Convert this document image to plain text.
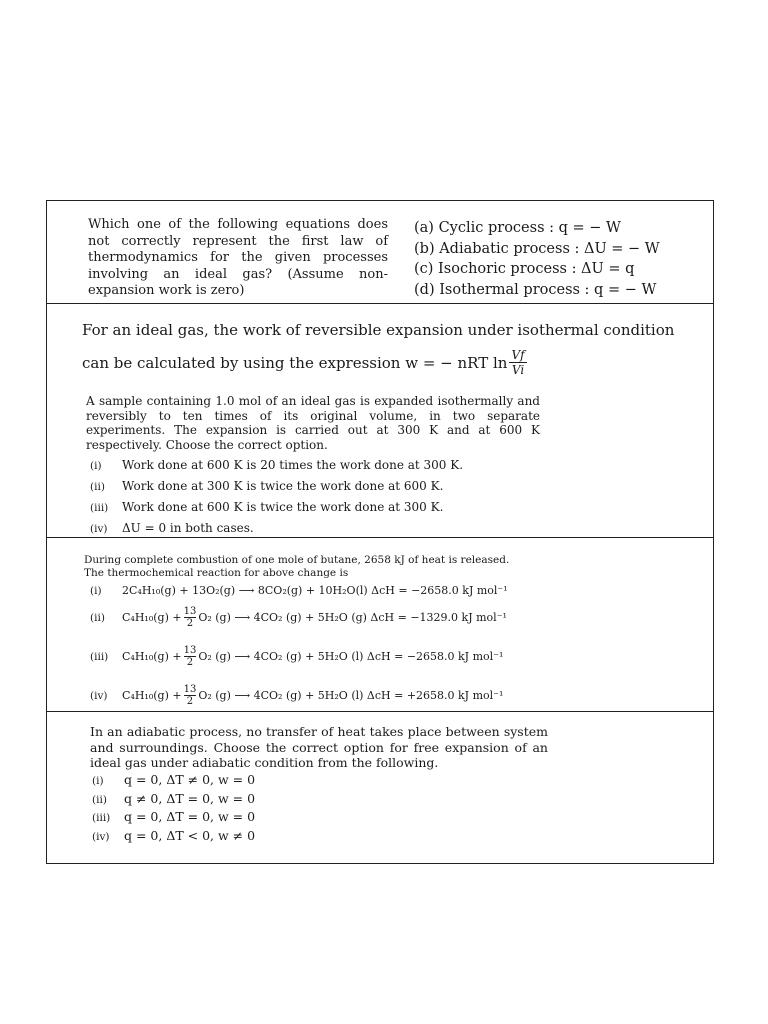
Which one of the following equations does not correctly represent the first law of thermodynamics for the given processes involving an ideal gas? (Assume non- expansion work is zero)
(a) Cyclic process : q = − W
(b) Adiabatic process : ΔU = − W
(c) Isochoric process : ΔU = q
(d) Isothermal process : q = − W
For an ideal gas, the work of reversible expansion under isothermal condition
can be calculated by using the expression w = − nRT $\ln \frac{Vf}{Vi}$
A sample containing 1.0 mol of an ideal gas is expanded isothermally and reversibly to ten times of its original volume, in two separate experiments. The expansion is carried out at 300 K and at 600 K respectively. Choose the correct option.
(i) Work done at 600 K is 20 times the work done at 300 K.
(ii) Work done at 300 K is twice the work done at 600 K.
(iii) Work done at 600 K is twice the work done at 300 K.
(iv) ΔU = 0 in both cases.
During complete combustion of one mole of butane, 2658 kJ of heat is released.
The thermochemical reaction for above change is
(i) 2C₄H₁₀(g) + 13O₂(g) ⟶ 8CO₂(g) + 10H₂O(l) ΔcH = −2658.0 kJ mol⁻¹
(ii)	$C_4H_{10}(g) + \frac{13}{2} O_2$ (g) ⟶ 4CO₂ (g) + 5H₂O (g) ΔcH = −1329.0 kJ mol⁻¹
(iii)	$C_4H_{10}(g) + \frac{13}{2} O_2$ (g) ⟶ 4CO₂ (g) + 5H₂O (l) ΔcH = −2658.0 kJ mol⁻¹
(iv)	$C_4H_{10}(g) + \frac{13}{2} O_2$ (g) ⟶ 4CO₂ (g) + 5H₂O (l) ΔcH = +2658.0 kJ mol⁻¹
In an adiabatic process, no transfer of heat takes place between system and surroundings. Choose the correct option for free expansion of an ideal gas under adiabatic condition from the following.
(i) q = 0, ΔT ≠ 0, w = 0
(ii) q ≠ 0, ΔT = 0, w = 0
(iii) q = 0, ΔT = 0, w = 0
(iv) q = 0, ΔT < 0, w ≠ 0
